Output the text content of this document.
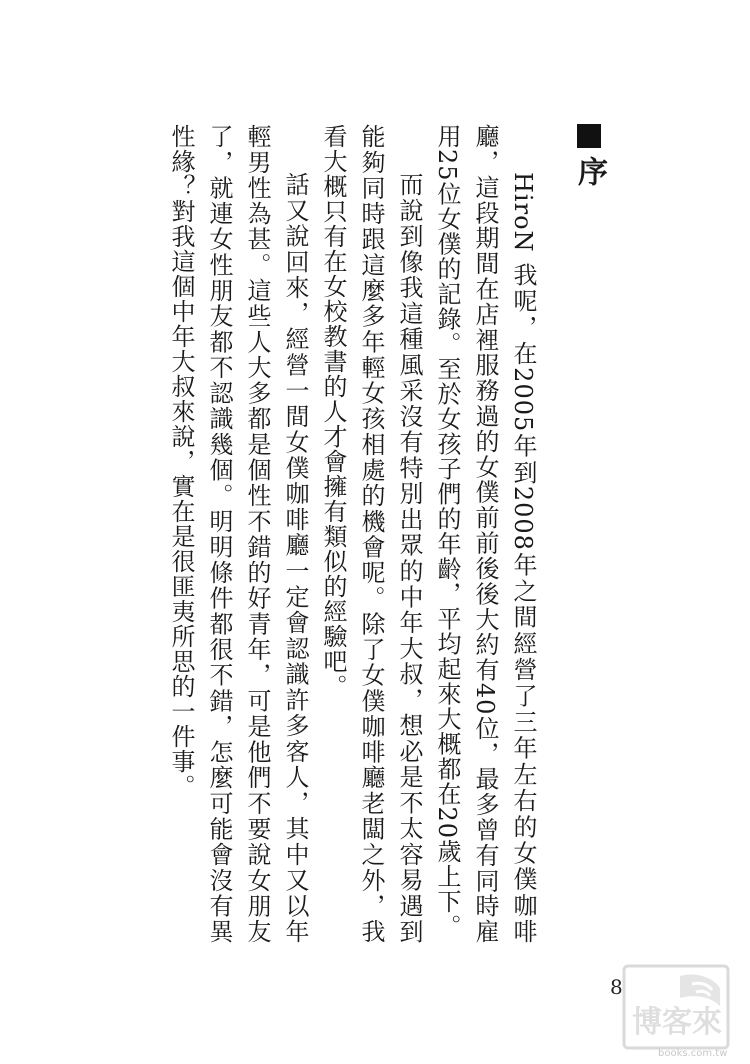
序

HiroN 我呢，在2005年到2008年之間經營了三年左右的女僕咖啡廳，這段期間在店裡服務過的女僕前前後後大約有40位，最多曾有同時雇用25位女僕的記錄。至於女孩子們的年齡，平均起來大概都在20歲上下。

而說到像我這種風采沒有特別出眾的中年大叔，想必是不太容易遇到能夠同時跟這麼多年輕女孩相處的機會呢。除了女僕咖啡廳老闆之外，我看大概只有在女校教書的人才會擁有類似的經驗吧。

話又說回來，經營一間女僕咖啡廳一定會認識許多客人，其中又以年輕男性為甚。這些人大多都是個性不錯的好青年，可是他們不要說女朋友了，就連女性朋友都不認識幾個。明明條件都很不錯，怎麼可能會沒有異性緣？對我這個中年大叔來說，實在是很匪夷所思的一件事。

8
博客來
books.com.tw
